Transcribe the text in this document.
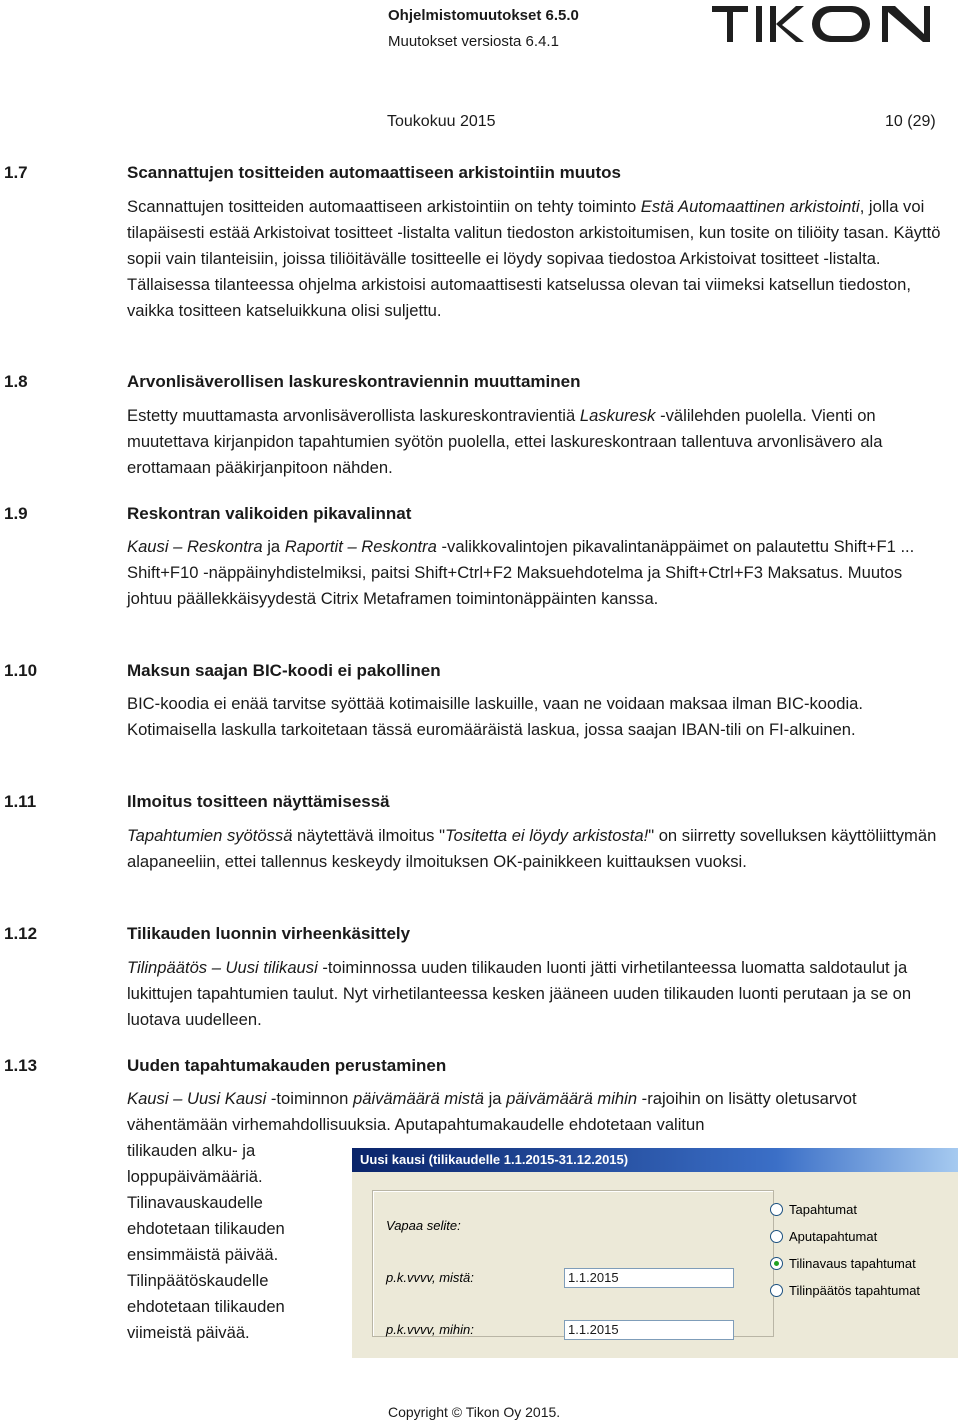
Ohjelmistomuutokset 6.5.0
Muutokset versiosta 6.4.1
Toukokuu 2015	10 (29)
1.7	Scannattujen tositteiden automaattiseen arkistointiin muutos

Scannattujen tositteiden automaattiseen arkistointiin on tehty toiminto Estä Automaattinen arkistointi, jolla voi tilapäisesti estää Arkistoivat tositteet -listalta valitun tiedoston arkistoitumisen, kun tosite on tiliöity tasan. Käyttö sopii vain tilanteisiin, joissa tiliöitävälle tositteelle ei löydy sopivaa tiedostoa Arkistoivat tositteet -listalta. Tällaisessa tilanteessa ohjelma arkistoisi automaattisesti katselussa olevan tai viimeksi katsellun tiedoston, vaikka tositteen katseluikkuna olisi suljettu.

1.8	Arvonlisäverollisen laskureskontraviennin muuttaminen

Estetty muuttamasta arvonlisäverollista laskureskontravientiä Laskuresk -välilehden puolella. Vienti on muutettava kirjanpidon tapahtumien syötön puolella, ettei laskureskontraan tallentuva arvonlisävero ala erottamaan pääkirjanpitoon nähden.

1.9	Reskontran valikoiden pikavalinnat

Kausi – Reskontra ja Raportit – Reskontra -valikkovalintojen pikavalintanäppäimet on palautettu Shift+F1 ... Shift+F10 -näppäinyhdistelmiksi, paitsi Shift+Ctrl+F2 Maksuehdotelma ja Shift+Ctrl+F3 Maksatus. Muutos johtuu päällekkäisyydestä Citrix Metaframen toimintonäppäinten kanssa.

1.10	Maksun saajan BIC-koodi ei pakollinen

BIC-koodia ei enää tarvitse syöttää kotimaisille laskuille, vaan ne voidaan maksaa ilman BIC-koodia. Kotimaisella laskulla tarkoitetaan tässä euromääräistä laskua, jossa saajan IBAN-tili on FI-alkuinen.

1.11	Ilmoitus tositteen näyttämisessä

Tapahtumien syötössä näytettävä ilmoitus "Tositetta ei löydy arkistosta!" on siirretty sovelluksen käyttöliittymän alapaneeliin, ettei tallennus keskeydy ilmoituksen OK-painikkeen kuittauksen vuoksi.

1.12	Tilikauden luonnin virheenkäsittely

Tilinpäätös – Uusi tilikausi -toiminnossa uuden tilikauden luonti jätti virhetilanteessa luomatta saldotaulut ja lukittujen tapahtumien taulut. Nyt virhetilanteessa kesken jääneen uuden tilikauden luonti perutaan ja se on luotava uudelleen.

1.13	Uuden tapahtumakauden perustaminen

Kausi – Uusi Kausi -toiminnon päivämäärä mistä ja päivämäärä mihin -rajoihin on lisätty oletusarvot vähentämään virhemahdollisuuksia. Aputapahtumakaudelle ehdotetaan valitun

tilikauden alku- ja
loppupäivämääriä.
Tilinavauskaudelle
ehdotetaan tilikauden
ensimmäistä päivää.
Tilinpäätöskaudelle
ehdotetaan tilikauden
viimeistä päivää.

Uusi kausi (tilikaudelle 1.1.2015-31.12.2015)
Vapaa selite:
p.k.vvvv, mistä:	1.1.2015
p.k.vvvv, mihin:	1.1.2015
Tapahtumat
Aputapahtumat
Tilinavaus tapahtumat
Tilinpäätös tapahtumat
Copyright © Tikon Oy 2015.
